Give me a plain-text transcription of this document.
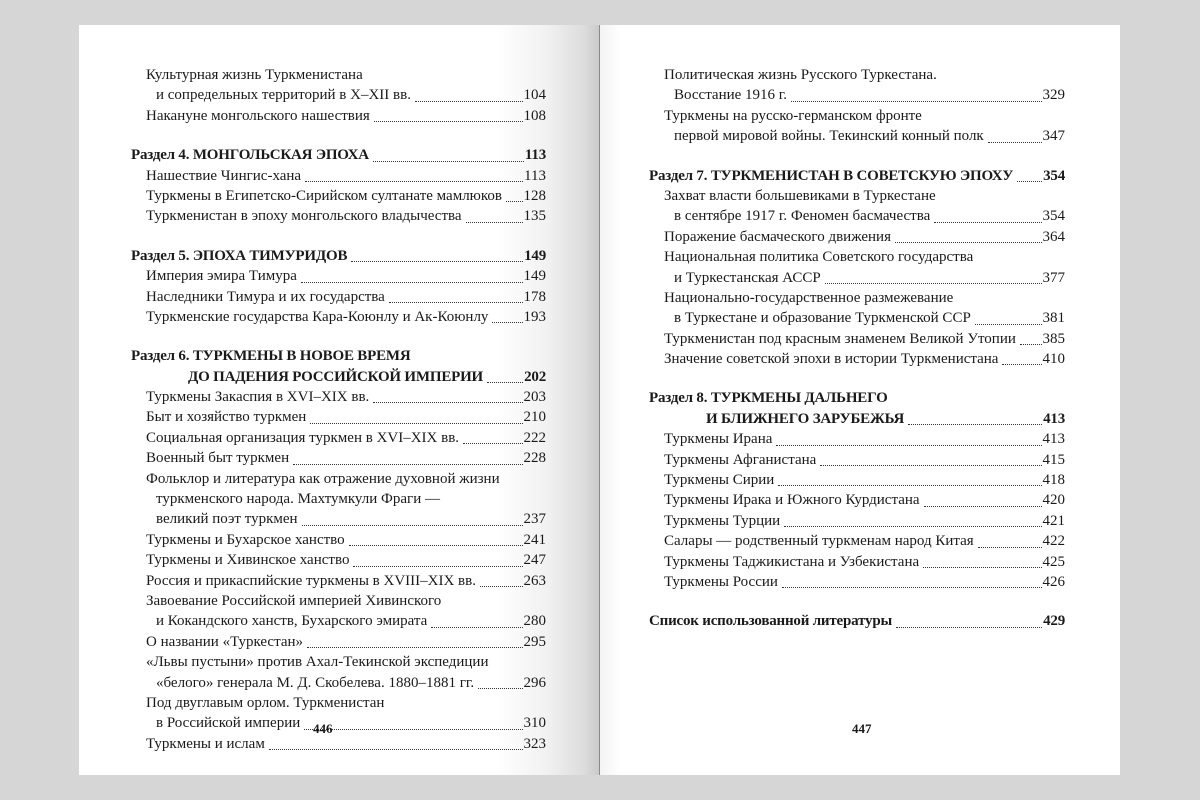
Культурная жизнь Туркменистана
и сопредельных территорий в X–XII вв.	104
Накануне монгольского нашествия	108
Раздел 4. МОНГОЛЬСКАЯ ЭПОХА	113
Нашествие Чингис-хана	113
Туркмены в Египетско-Сирийском султанате мамлюков 128
Туркменистан в эпоху монгольского владычества	135
Раздел 5. ЭПОХА ТИМУРИДОВ	149
Империя эмира Тимура	149
Наследники Тимура и их государства	178
Туркменские государства Кара-Коюнлу и Ак-Коюнлу 193
Раздел 6. ТУРКМЕНЫ В НОВОЕ ВРЕМЯ
ДО ПАДЕНИЯ РОССИЙСКОЙ ИМПЕРИИ	202
Туркмены Закаспия в XVI–XIX вв.	203
Быт и хозяйство туркмен	210
Социальная организация туркмен в XVI–XIX вв.	222
Военный быт туркмен	228
Фольклор и литература как отражение духовной жизни
туркменского народа. Махтумкули Фраги —
великий поэт туркмен	237
Туркмены и Бухарское ханство	241
Туркмены и Хивинское ханство	247
Россия и прикаспийские туркмены в XVIII–XIX вв.	263
Завоевание Российской империей Хивинского
и Кокандского ханств, Бухарского эмирата	280
О названии «Туркестан»	295
«Львы пустыни» против Ахал-Текинской экспедиции
«белого» генерала М. Д. Скобелева. 1880–1881 гг.	296
Под двуглавым орлом. Туркменистан
в Российской империи	310
Туркмены и ислам	323
446
Политическая жизнь Русского Туркестана.
Восстание 1916 г.	329
Туркмены на русско-германском фронте
первой мировой войны. Текинский конный полк	347
Раздел 7. ТУРКМЕНИСТАН В СОВЕТСКУЮ ЭПОХУ 354
Захват власти большевиками в Туркестане
в сентябре 1917 г. Феномен басмачества	354
Поражение басмаческого движения	364
Национальная политика Советского государства
и Туркестанская АССР	377
Национально-государственное размежевание
в Туркестане и образование Туркменской ССР	381
Туркменистан под красным знаменем Великой Утопии 385
Значение советской эпохи в истории Туркменистана	410
Раздел 8. ТУРКМЕНЫ ДАЛЬНЕГО
И БЛИЖНЕГО ЗАРУБЕЖЬЯ	413
Туркмены Ирана	413
Туркмены Афганистана	415
Туркмены Сирии	418
Туркмены Ирака и Южного Курдистана	420
Туркмены Турции	421
Салары — родственный туркменам народ Китая	422
Туркмены Таджикистана и Узбекистана	425
Туркмены России	426
Список использованной литературы	429
447
